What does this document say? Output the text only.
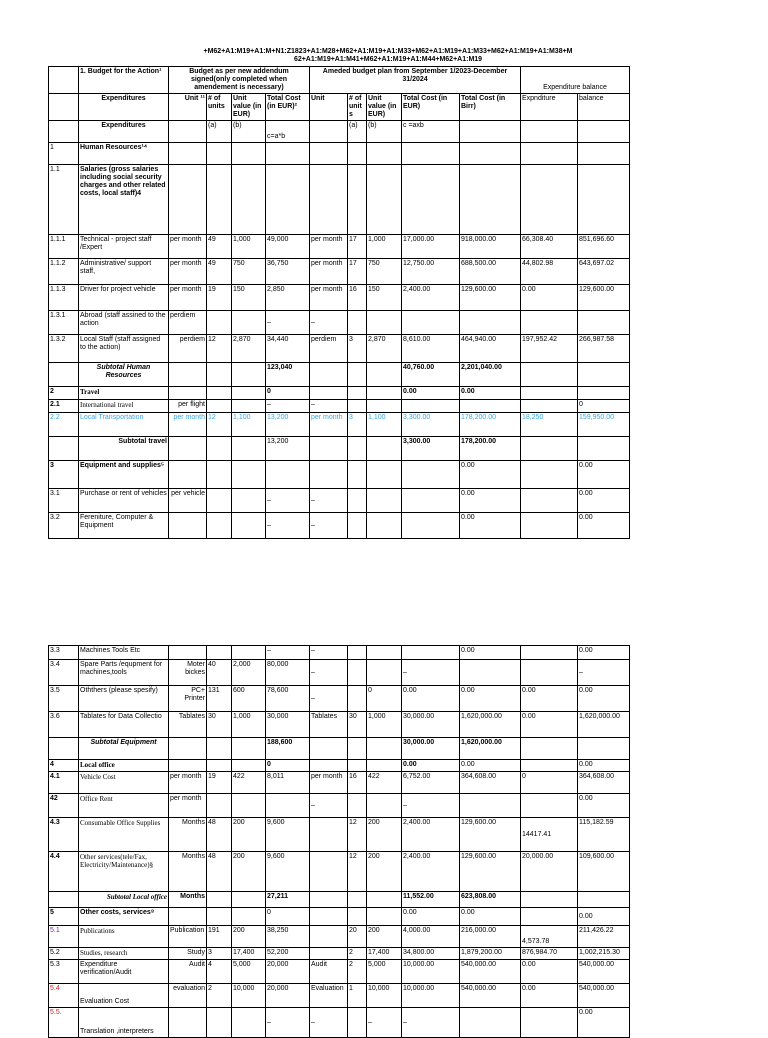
+M62+A1:M19+A1:M+N1:Z1823+A1:M28+M62+A1:M19+A1:M33+M62+A1:M19+A1:M33+M62+A1:M19+A1:M38+M
62+A1:M19+A1:M41+M62+A1:M19+A1:M44+M62+A1:M19
	1. Budget for the Action¹	Budget as per new addendum signed(only completed when amendement is necessary)				Ameded budget plan from September 1/2023-December 31/2024					Expenditure balance	
	Expenditures	Unit ¹¹	# of units	Unit value (in EUR)	Total Cost (in EUR)²	Unit	# of unit s	Unit value (in EUR)	Total Cost (in EUR)	Total Cost (in Birr)	Expnditure	balance
	Expenditures		(a)	(b)	c=a*b		(a)	(b)	c =axb			
1	Human Resources¹⁴											
1.1	Salaries (gross salaries including social security charges and other related costs, local staff)4											
1.1.1	Technical - project staff /Expert	per month	49	1,000	49,000	per month	17	1,000	17,000.00	918,000.00	66,308.40	851,696.60
1.1.2	Administrative/ support staff,	per month	49	750	36,750	per month	17	750	12,750.00	688,500.00	44,802.98	643,697.02
1.1.3	Driver for project vehicle	per month	19	150	2,850	per month	16	150	2,400.00	129,600.00	0.00	129,600.00
1.3.1	Abroad (staff assined to the action	perdiem			–	–						
1.3.2	Local Staff (staff assigned to the action)	perdiem	12	2,870	34,440	perdiem	3	2,870	8,610.00	464,940.00	197,952.42	266,987.58
	Subtotal Human Resources				123,040				40,760.00	2,201,040.00		
2	Travel				0				0.00	0.00		
2.1	International travel	per flight			–	–						0
2.2	Local Transportation	per month	12	1,100	13,200	per month	3	1,100	3,300.00	178,200.00	18,250	159,950.00
	Subtotal travel				13,200				3,300.00	178,200.00		
3	Equipment and supplies⁵									0.00		0.00
3.1	Purchase or rent of vehicles	per vehicle			–	–				0.00		0.00
3.2	Fereniture, Computer & Equipment				–	–				0.00		0.00
3.3	Machines Tools Etc				–	–				0.00		0.00
3.4	Spare Parts /equpment for machines,tools	Moter bickes	40	2,000	80,000	–			–			–
3.5	Oththers (please spesify)	PC+ Printer	131	600	78,600	–		0	0.00	0.00	0.00	0.00
3.6	Tablates for Data Collectio	Tablates	30	1,000	30,000	Tablates	30	1,000	30,000.00	1,620,000.00	0.00	1,620,000.00
	Subtotal Equipment				188,600				30,000.00	1,620,000.00		
4	Local office				0				0.00	0.00		0.00
4.1	Vehicle Cost	per month	19	422	8,011	per month	16	422	6,752.00	364,608.00	0	364,608.00
42	Office Rent	per month				–			–			0.00
4.3	Consumable Office Supplies	Months	48	200	9,600		12	200	2,400.00	129,600.00	14417.41	115,182.59
4.4	Other services(tele/Fax, Electricity/Maintenance)§	Months	48	200	9,600		12	200	2,400.00	129,600.00	20,000.00	109,600.00
	Subtotal Local office	Months			27,211				11,552.00	623,808.00		
5	Other costs, services⁸				0				0.00	0.00		0.00
5.1	Publications	Publication	191	200	38,250		20	200	4,000.00	216,000.00	4,573.78	211,426.22
5.2	Studies, research	Study	3	17,400	52,200		2	17,400	34,800.00	1,879,200.00	876,984.70	1,002,215.30
5.3	Expenditure verification/Audit	Audit	4	5,000	20,000	Audit	2	5,000	10,000.00	540,000.00	0.00	540,000.00
5.4	Evaluation Cost	evaluation	2	10,000	20,000	Evaluation	1	10,000	10,000.00	540,000.00	0.00	540,000.00
5.5.	Translation ,interpreters				–	–		–	–			0.00
